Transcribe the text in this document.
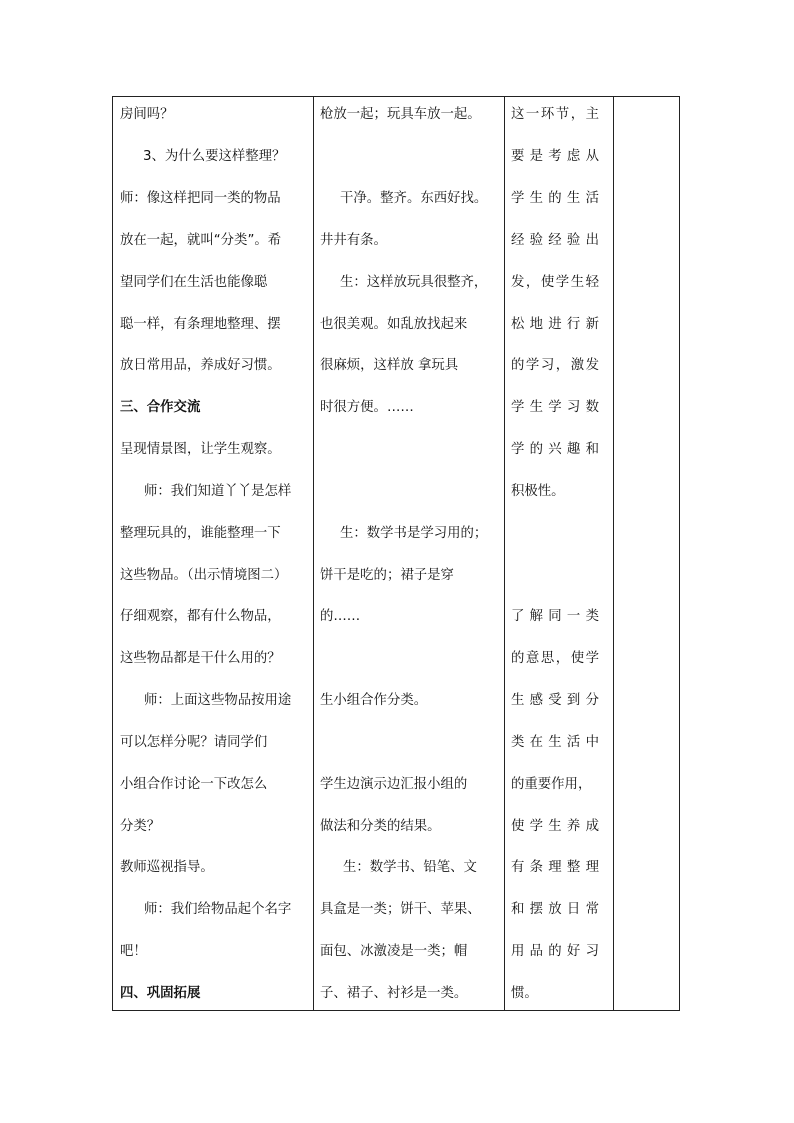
房间吗？
3、为什么要这样整理？
师：像这样把同一类的物品
放在一起，就叫“分类”。希
望同学们在生活也能像聪
聪一样，有条理地整理、摆
放日常用品，养成好习惯。
三、合作交流
呈现情景图，让学生观察。
师：我们知道丫丫是怎样
整理玩具的，谁能整理一下
这些物品。（出示情境图二）
仔细观察，都有什么物品，
这些物品都是干什么用的？
师：上面这些物品按用途
可以怎样分呢？请同学们
小组合作讨论一下改怎么
分类？
教师巡视指导。
师：我们给物品起个名字
吧！
四、巩固拓展
枪放一起；玩具车放一起。
干净。整齐。东西好找。
井井有条。
生：这样放玩具很整齐，
也很美观。如乱放找起来
很麻烦，这样放 拿玩具
时很方便。……
生：数学书是学习用的；
饼干是吃的；裙子是穿
的……
生小组合作分类。
学生边演示边汇报小组的
做法和分类的结果。
生：数学书、铅笔、文
具盒是一类；饼干、苹果、
面包、冰激凌是一类；帽
子、裙子、衬衫是一类。
这 一 环 节 ， 主
要 是 考 虑 从
学 生 的 生 活
经 验 经 验 出
发 ， 使 学 生 轻
松 地 进 行 新
的 学 习 ， 激 发
学 生 学 习 数
学 的 兴 趣 和
积极性。
了 解 同 一 类
的 意 思 ， 使 学
生 感 受 到 分
类 在 生 活 中
的重要作用，
使 学 生 养 成
有 条 理 整 理
和 摆 放 日 常
用 品 的 好 习
惯。
